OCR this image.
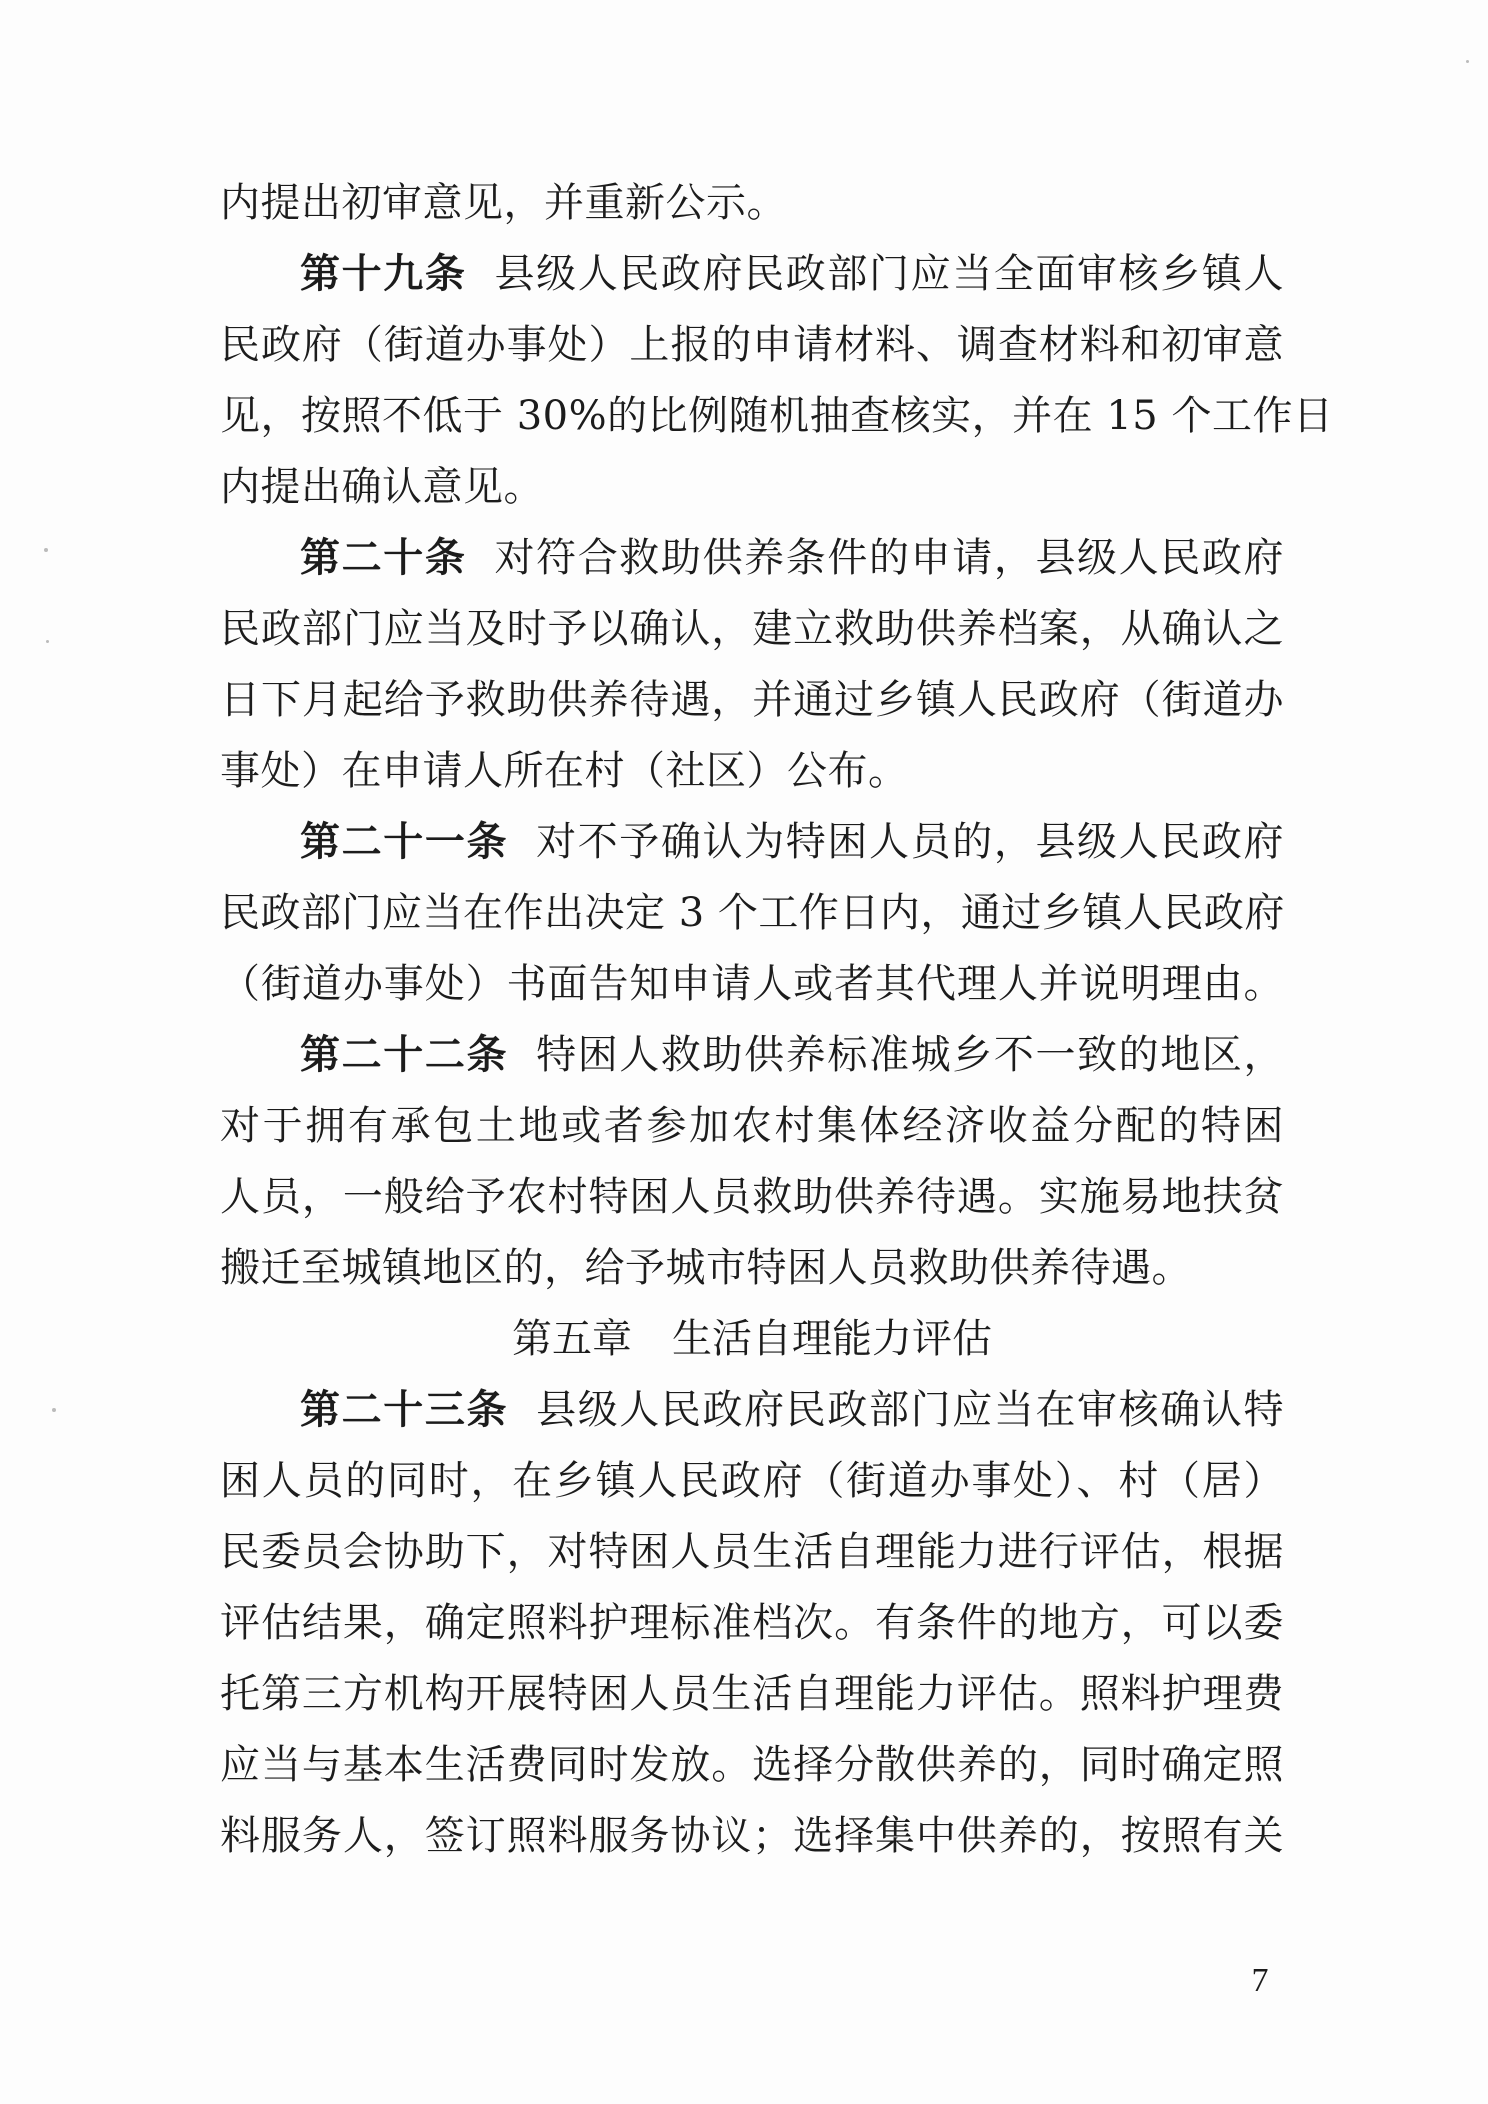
内提出初审意见，并重新公示。
第十九条 县级人民政府民政部门应当全面审核乡镇人
民政府（街道办事处）上报的申请材料、调查材料和初审意
见，按照不低于 30%的比例随机抽查核实，并在 15 个工作日
内提出确认意见。
第二十条 对符合救助供养条件的申请，县级人民政府
民政部门应当及时予以确认，建立救助供养档案，从确认之
日下月起给予救助供养待遇，并通过乡镇人民政府（街道办
事处）在申请人所在村（社区）公布。
第二十一条 对不予确认为特困人员的，县级人民政府
民政部门应当在作出决定 3 个工作日内，通过乡镇人民政府
（街道办事处）书面告知申请人或者其代理人并说明理由。
第二十二条 特困人救助供养标准城乡不一致的地区，
对于拥有承包土地或者参加农村集体经济收益分配的特困
人员，一般给予农村特困人员救助供养待遇。实施易地扶贫
搬迁至城镇地区的，给予城市特困人员救助供养待遇。
第五章　生活自理能力评估
第二十三条 县级人民政府民政部门应当在审核确认特
困人员的同时，在乡镇人民政府（街道办事处）、村（居）
民委员会协助下，对特困人员生活自理能力进行评估，根据
评估结果，确定照料护理标准档次。有条件的地方，可以委
托第三方机构开展特困人员生活自理能力评估。照料护理费
应当与基本生活费同时发放。选择分散供养的，同时确定照
料服务人，签订照料服务协议；选择集中供养的，按照有关
7
